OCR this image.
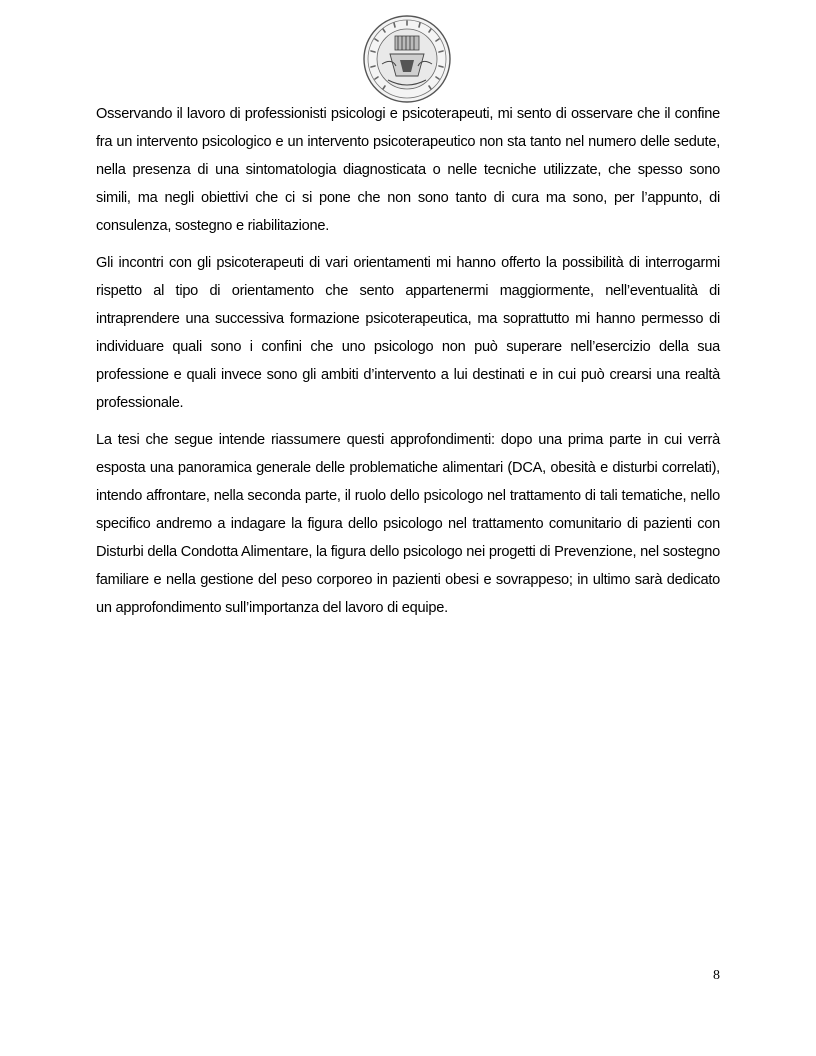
Osservando il lavoro di professionisti psicologi e psicoterapeuti, mi sento di osservare che il confine fra un intervento psicologico e un intervento psicoterapeutico non sta tanto nel numero delle sedute, nella presenza di una sintomatologia diagnosticata o nelle tecniche utilizzate, che spesso sono simili, ma negli obiettivi che ci si pone che non sono tanto di cura ma sono, per l’appunto, di consulenza, sostegno e riabilitazione.

Gli incontri con gli psicoterapeuti di vari orientamenti mi hanno offerto la possibilità di interrogarmi rispetto al tipo di orientamento che sento appartenermi maggiormente, nell’eventualità di intraprendere una successiva formazione psicoterapeutica, ma soprattutto mi hanno permesso di individuare quali sono i confini che uno psicologo non può superare nell’esercizio della sua professione e quali invece sono gli ambiti d’intervento a lui destinati e in cui può crearsi una realtà professionale.

La tesi che segue intende riassumere questi approfondimenti: dopo una prima parte in cui verrà esposta una panoramica generale delle problematiche alimentari (DCA, obesità e disturbi correlati), intendo affrontare, nella seconda parte, il ruolo dello psicologo nel trattamento di tali tematiche, nello specifico andremo a indagare la figura dello psicologo nel trattamento comunitario di pazienti con Disturbi della Condotta Alimentare, la figura dello psicologo nei progetti di Prevenzione, nel sostegno familiare e nella gestione del peso corporeo in pazienti obesi e sovrappeso; in ultimo sarà dedicato un approfondimento sull’importanza del lavoro di equipe.

8
